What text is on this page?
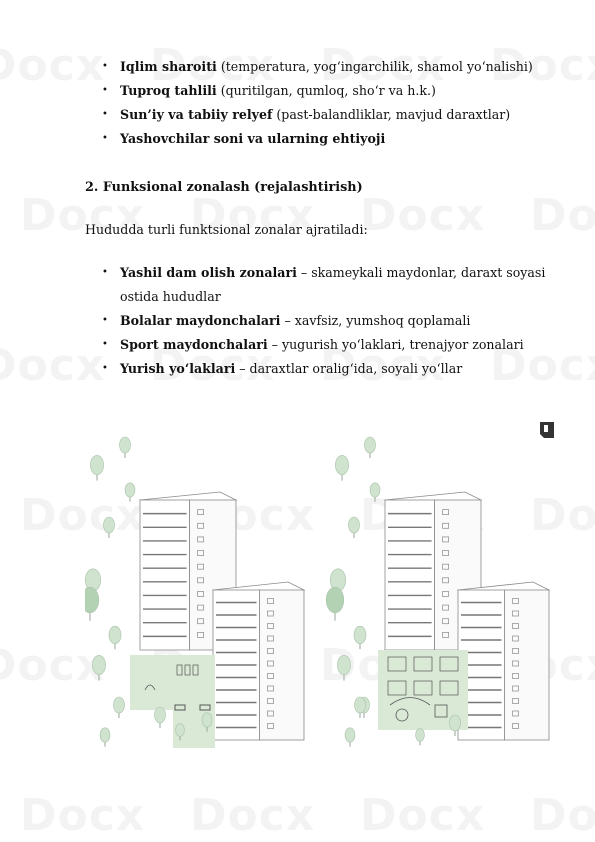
• Iqlim sharoiti (temperatura, yog‘ingarchilik, shamol yo‘nalishi)
• Tuproq tahlili (quritilgan, qumloq, sho‘r va h.k.)
• Sun’iy va tabiiy relyef (past-balandliklar, mavjud daraxtlar)
• Yashovchilar soni va ularning ehtiyoji
2. Funksional zonalash (rejalashtirish)
Hududda turli funktsional zonalar ajratiladi:
• Yashil dam olish zonalari – skameykali maydonlar, daraxt soyasi
ostida hududlar
• Bolalar maydonchalari – xavfsiz, yumshoq qoplamali
• Sport maydonchalari – yugurish yo‘laklari, trenajyor zonalari
• Yurish yo‘laklari – daraxtlar oralig‘ida, soyali yo‘llar
